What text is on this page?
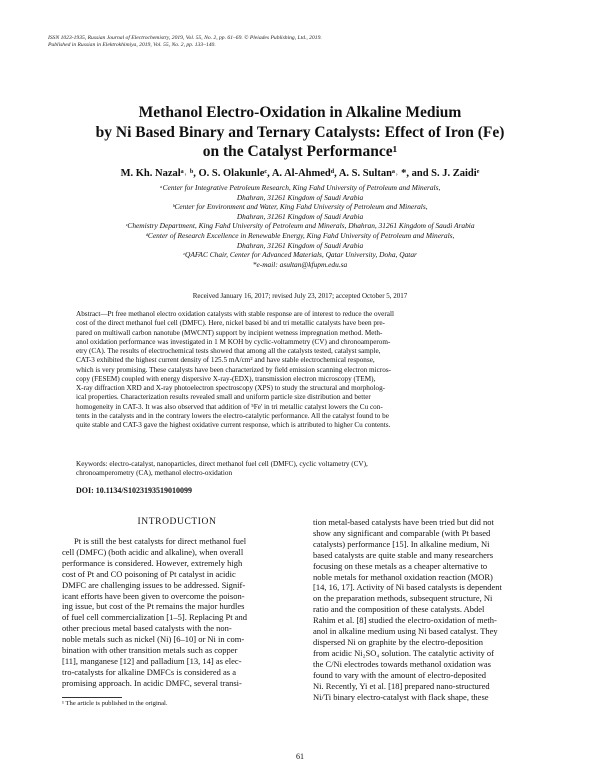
ISSN 1023-1935, Russian Journal of Electrochemistry, 2019, Vol. 55, No. 2, pp. 61–69. © Pleiades Publishing, Ltd., 2019.
Published in Russian in Elektrokhimiya, 2019, Vol. 55, No. 2, pp. 133–140.
Methanol Electro-Oxidation in Alkaline Medium
by Ni Based Binary and Ternary Catalysts: Effect of Iron (Fe)
on the Catalyst Performance¹
M. Kh. Nazalᵃ˒ ᵇ, O. S. Olakunleᶜ, A. Al-Ahmedᵈ, A. S. Sultanᵃ˒ *, and S. J. Zaidiᵉ
ᵃCenter for Integrative Petroleum Research, King Fahd University of Petroleum and Minerals,
Dhahran, 31261 Kingdom of Saudi Arabia
ᵇCenter for Environment and Water, King Fahd University of Petroleum and Minerals,
Dhahran, 31261 Kingdom of Saudi Arabia
ᶜChemistry Department, King Fahd University of Petroleum and Minerals, Dhahran, 31261 Kingdom of Saudi Arabia
ᵈCenter of Research Excellence in Renewable Energy, King Fahd University of Petroleum and Minerals,
Dhahran, 31261 Kingdom of Saudi Arabia
ᵉQAFAC Chair, Center for Advanced Materials, Qatar University, Doha, Qatar
*e-mail: asultan@kfupm.edu.sa
Received January 16, 2017; revised July 23, 2017; accepted October 5, 2017
Abstract—Pt free methanol electro oxidation catalysts with stable response are of interest to reduce the overall
cost of the direct methanol fuel cell (DMFC). Here, nickel based bi and tri metallic catalysts have been pre-
pared on multiwall carbon nanotube (MWCNT) support by incipient wetness impregnation method. Meth-
anol oxidation performance was investigated in 1 M KOH by cyclic-voltammetry (CV) and chronoamperom-
etry (CA). The results of electrochemical tests showed that among all the catalysts tested, catalyst sample,
CAT-3 exhibited the highest current density of 125.5 mA/cm² and have stable electrochemical response,
which is very promising. These catalysts have been characterized by field emission scanning electron micros-
copy (FESEM) coupled with energy dispersive X-ray-(EDX), transmission electron microscopy (TEM),
X-ray diffraction XRD and X-ray photoelectron spectroscopy (XPS) to study the structural and morpholog-
ical properties. Characterization results revealed small and uniform particle size distribution and better
homogeneity in CAT-3. It was also observed that addition of ⁵Fe' in tri metallic catalyst lowers the Cu con-
tents in the catalysts and in the contrary lowers the electro-catalytic performance. All the catalyst found to be
quite stable and CAT-3 gave the highest oxidative current response, which is attributed to higher Cu contents.
Keywords: electro-catalyst, nanoparticles, direct methanol fuel cell (DMFC), cyclic voltametry (CV),
chronoamperometry (CA), methanol electro-oxidation
DOI: 10.1134/S1023193519010099
INTRODUCTION
Pt is still the best catalysts for direct methanol fuel
cell (DMFC) (both acidic and alkaline), when overall
performance is considered. However, extremely high
cost of Pt and CO poisoning of Pt catalyst in acidic
DMFC are challenging issues to be addressed. Signif-
icant efforts have been given to overcome the poison-
ing issue, but cost of the Pt remains the major hurdles
of fuel cell commercialization [1–5]. Replacing Pt and
other precious metal based catalysts with the non-
noble metals such as nickel (Ni) [6–10] or Ni in com-
bination with other transition metals such as copper
[11], manganese [12] and palladium [13, 14] as elec-
tro-catalysts for alkaline DMFCs is considered as a
promising approach. In acidic DMFC, several transi-
tion metal-based catalysts have been tried but did not
show any significant and comparable (with Pt based
catalysts) performance [15]. In alkaline medium, Ni
based catalysts are quite stable and many researchers
focusing on these metals as a cheaper alternative to
noble metals for methanol oxidation reaction (MOR)
[14, 16, 17]. Activity of Ni based catalysts is dependent
on the preparation methods, subsequent structure, Ni
ratio and the composition of these catalysts. Abdel
Rahim et al. [8] studied the electro-oxidation of meth-
anol in alkaline medium using Ni based catalyst. They
dispersed Ni on graphite by the electro-deposition
from acidic Ni₂SO₄ solution. The catalytic activity of
the C/Ni electrodes towards methanol oxidation was
found to vary with the amount of electro-deposited
Ni. Recently, Yi et al. [18] prepared nano-structured
Ni/Ti binary electro-catalyst with flack shape, these
¹ The article is published in the original.
61
